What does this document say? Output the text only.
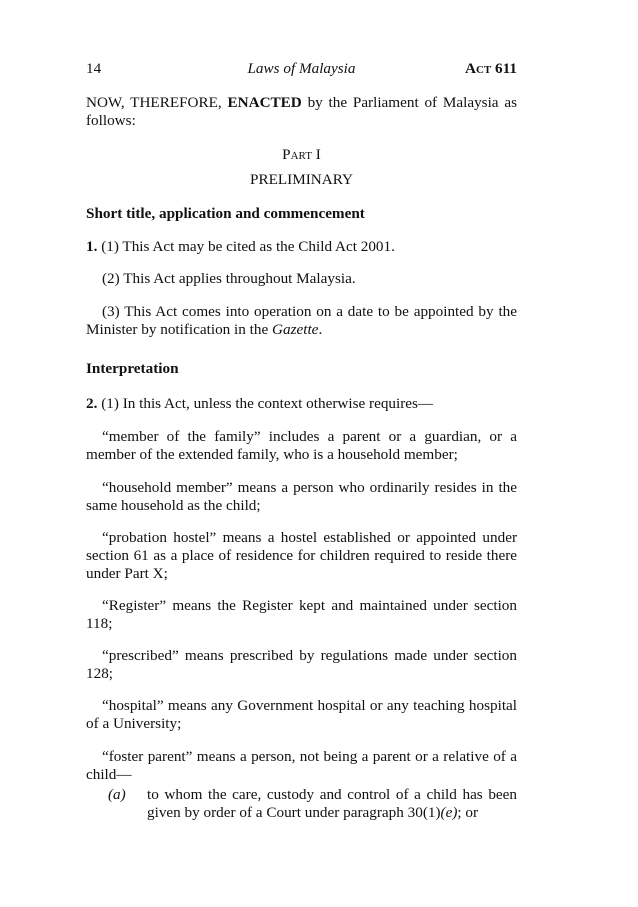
14	Laws of Malaysia	Act 611

NOW, THEREFORE, ENACTED by the Parliament of Malaysia as follows:

Part I

PRELIMINARY

Short title, application and commencement

1. (1) This Act may be cited as the Child Act 2001.

(2) This Act applies throughout Malaysia.

(3) This Act comes into operation on a date to be appointed by the Minister by notification in the Gazette.

Interpretation

2. (1) In this Act, unless the context otherwise requires—

“member of the family” includes a parent or a guardian, or a member of the extended family, who is a household member;

“household member” means a person who ordinarily resides in the same household as the child;

“probation hostel” means a hostel established or appointed under section 61 as a place of residence for children required to reside there under Part X;

“Register” means the Register kept and maintained under section 118;

“prescribed” means prescribed by regulations made under section 128;

“hospital” means any Government hospital or any teaching hospital of a University;

“foster parent” means a person, not being a parent or a relative of a child—

(a) to whom the care, custody and control of a child has been given by order of a Court under paragraph 30(1)(e); or
